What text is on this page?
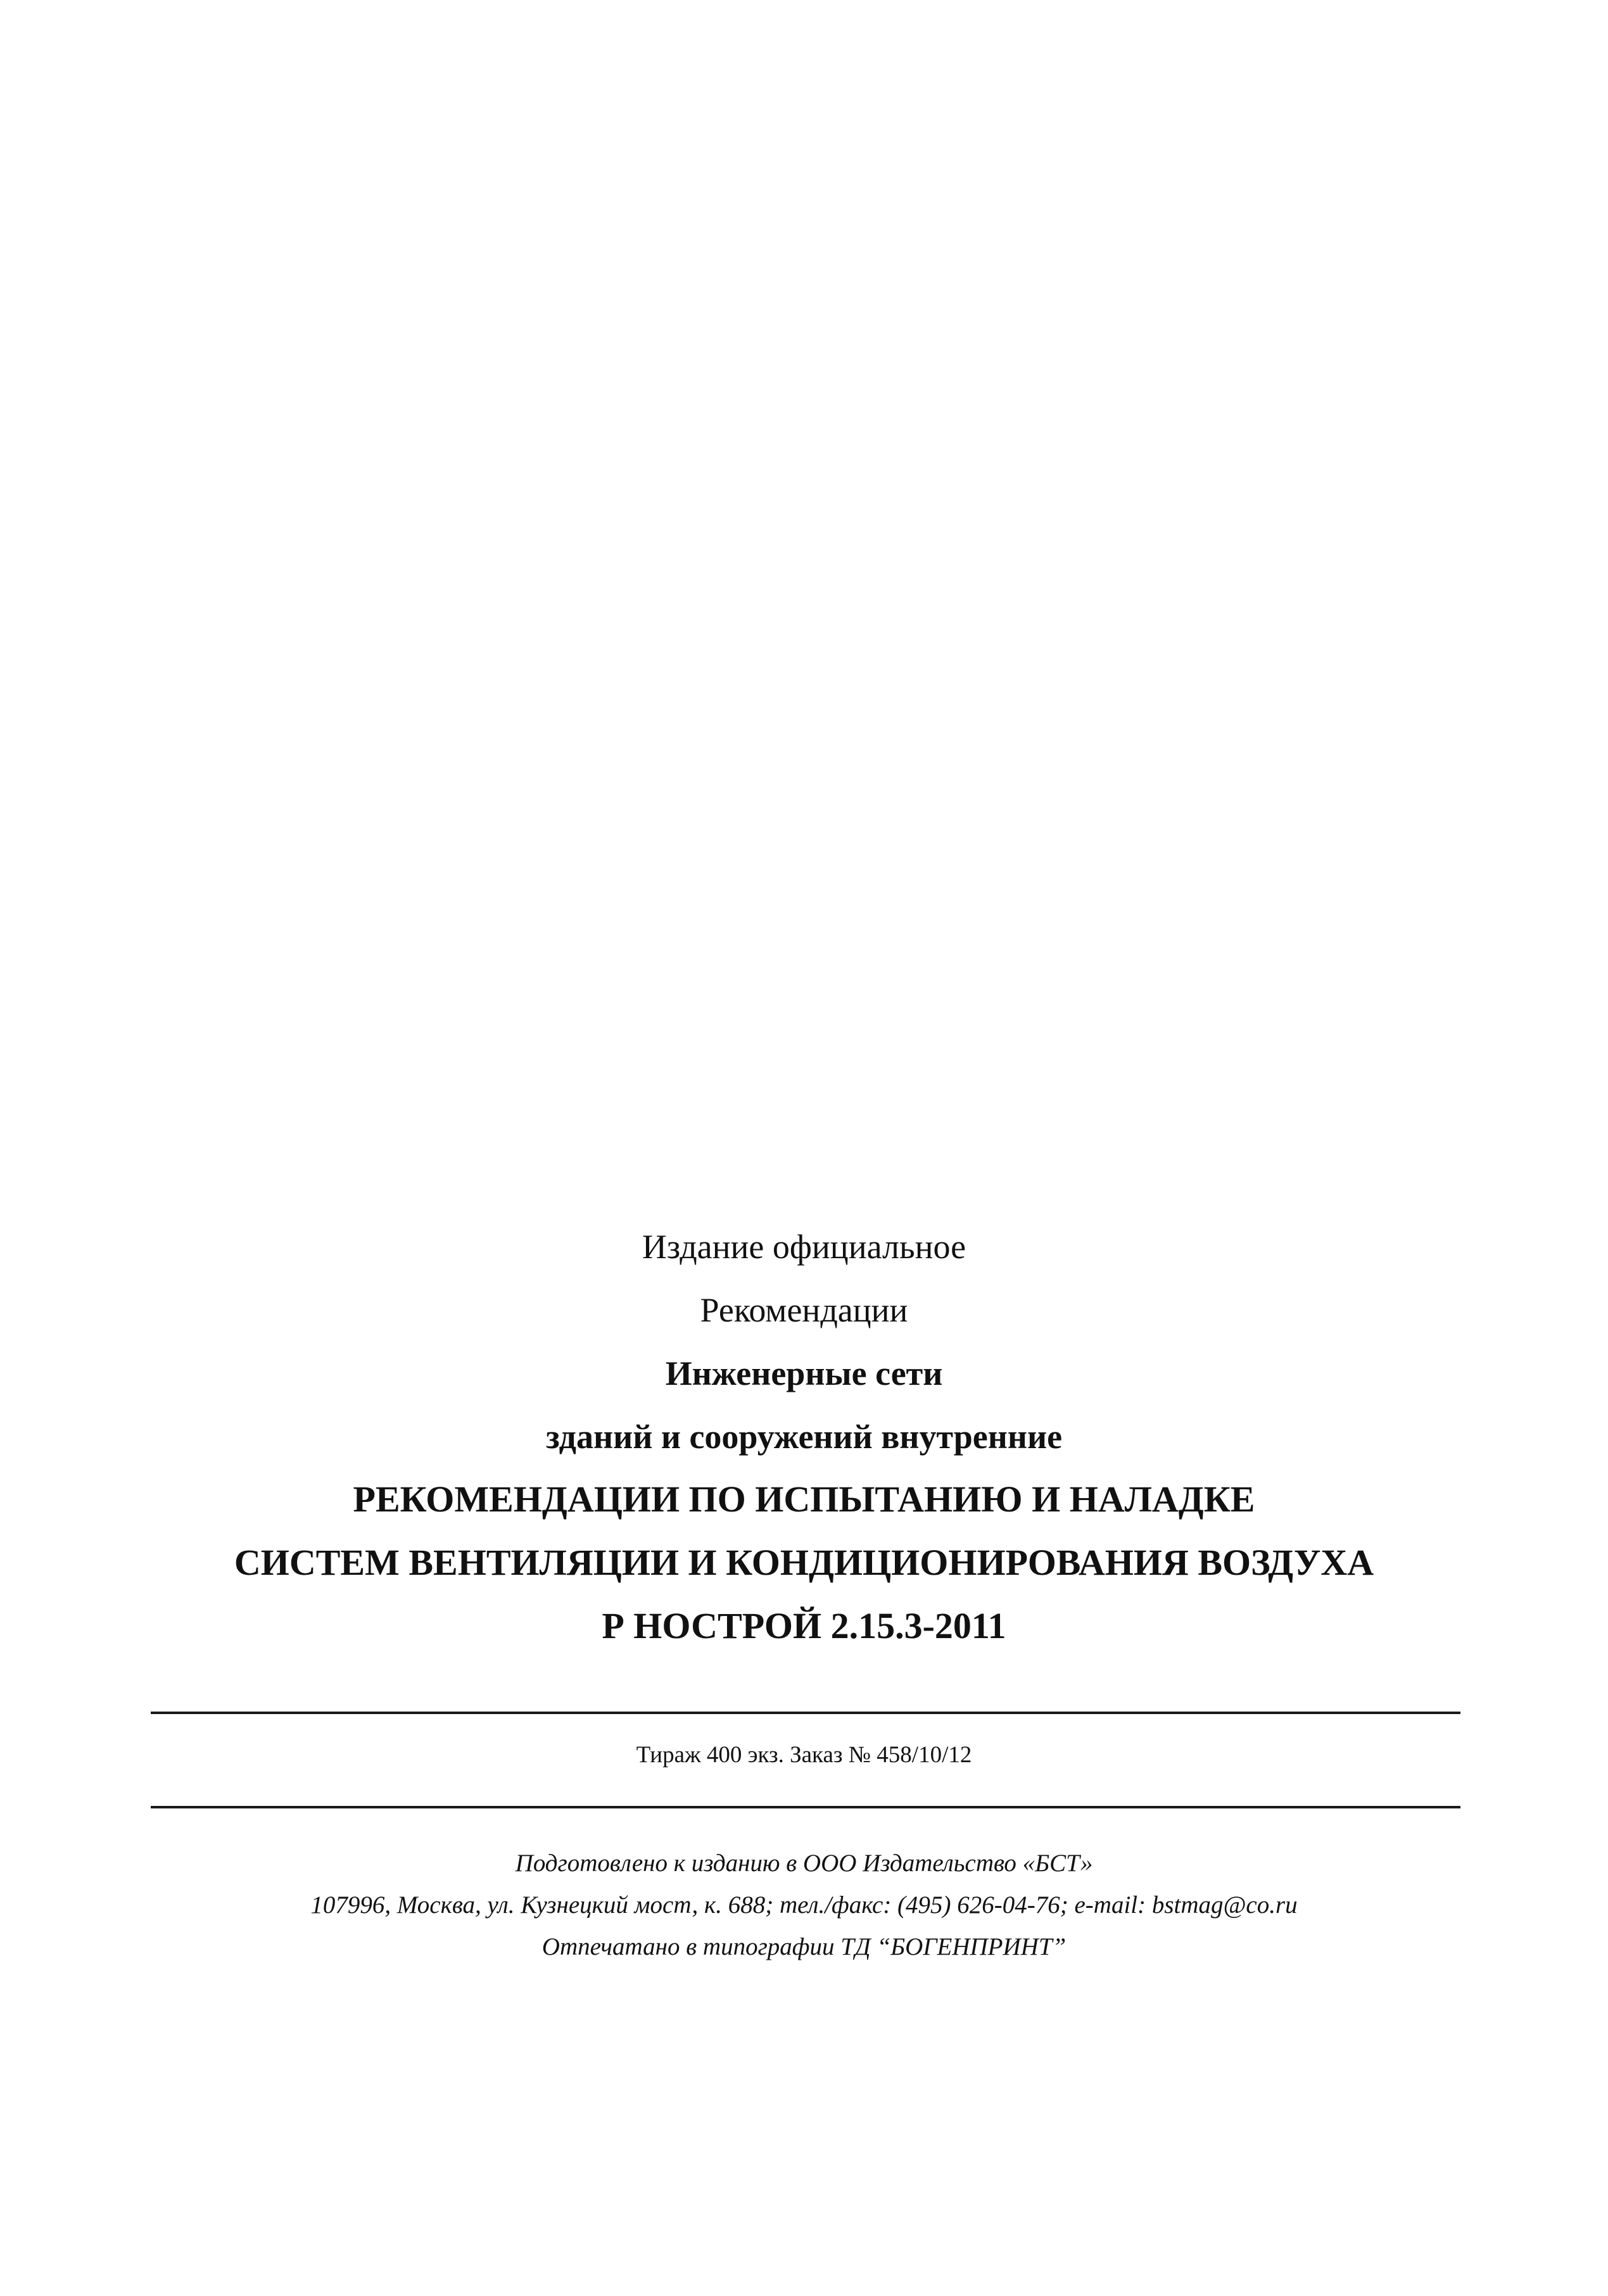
Издание официальное
Рекомендации
Инженерные сети
зданий и сооружений внутренние
РЕКОМЕНДАЦИИ ПО ИСПЫТАНИЮ И НАЛАДКЕ
СИСТЕМ ВЕНТИЛЯЦИИ И КОНДИЦИОНИРОВАНИЯ ВОЗДУХА
Р НОСТРОЙ 2.15.3-2011
Тираж 400 экз. Заказ № 458/10/12
Подготовлено к изданию в ООО Издательство «БСТ»
107996, Москва, ул. Кузнецкий мост, к. 688; тел./факс: (495) 626-04-76; e-mail: bstmag@co.ru
Отпечатано в типографии ТД “БОГЕНПРИНТ”
